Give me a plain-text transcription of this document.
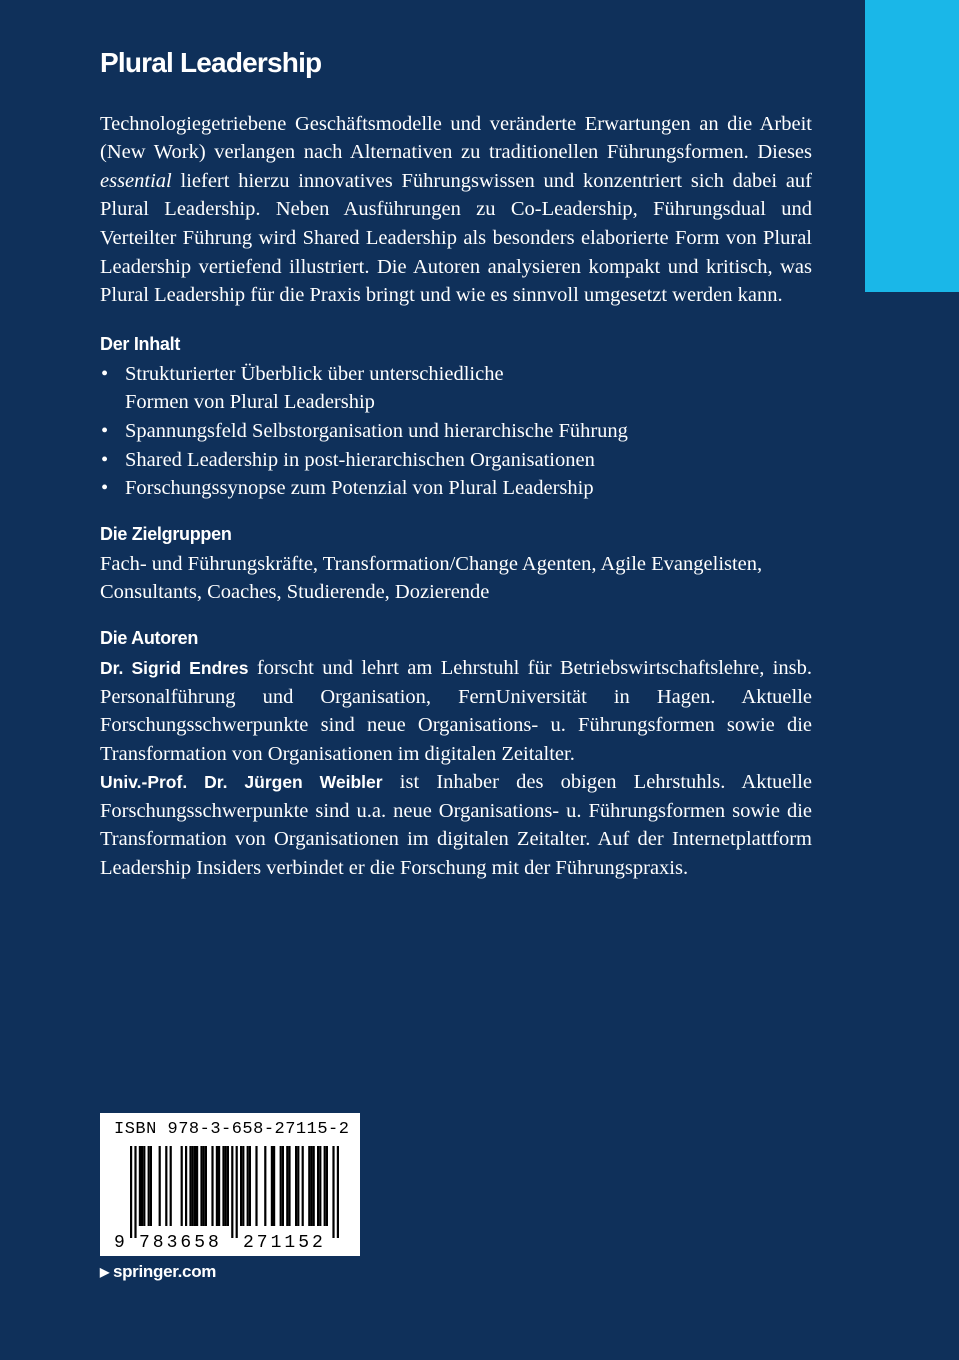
Plural Leadership

Technologiegetriebene Geschäftsmodelle und veränderte Erwartungen an die Arbeit (New Work) verlangen nach Alternativen zu traditionellen Führungsformen. Dieses essential liefert hierzu innovatives Führungswissen und konzentriert sich dabei auf Plural Leadership. Neben Ausführungen zu Co-Leadership, Führungsdual und Verteilter Führung wird Shared Leadership als besonders elaborierte Form von Plural Leadership vertiefend illustriert. Die Autoren analysieren kompakt und kritisch, was Plural Leadership für die Praxis bringt und wie es sinnvoll umgesetzt werden kann.

Der Inhalt
• Strukturierter Überblick über unterschiedliche
Formen von Plural Leadership
• Spannungsfeld Selbstorganisation und hierarchische Führung
• Shared Leadership in post-hierarchischen Organisationen
• Forschungssynopse zum Potenzial von Plural Leadership
Die Zielgruppen

Fach- und Führungskräfte, Transformation/Change Agenten, Agile Evangelisten, Consultants, Coaches, Studierende, Dozierende

Die Autoren

Dr. Sigrid Endres forscht und lehrt am Lehrstuhl für Betriebswirtschaftslehre, insb. Personalführung und Organisation, FernUniversität in Hagen. Aktuelle Forschungsschwerpunkte sind neue Organisations- u. Führungsformen sowie die Transformation von Organisationen im digitalen Zeitalter.

Univ.-Prof. Dr. Jürgen Weibler ist Inhaber des obigen Lehrstuhls. Aktuelle Forschungsschwerpunkte sind u.a. neue Organisations- u. Führungsformen sowie die Transformation von Organisationen im digitalen Zeitalter. Auf der Internetplattform Leadership Insiders verbindet er die Forschung mit der Führungspraxis.

ISBN 978-3-658-27115-2
9 783658 271152
▶ springer.com
